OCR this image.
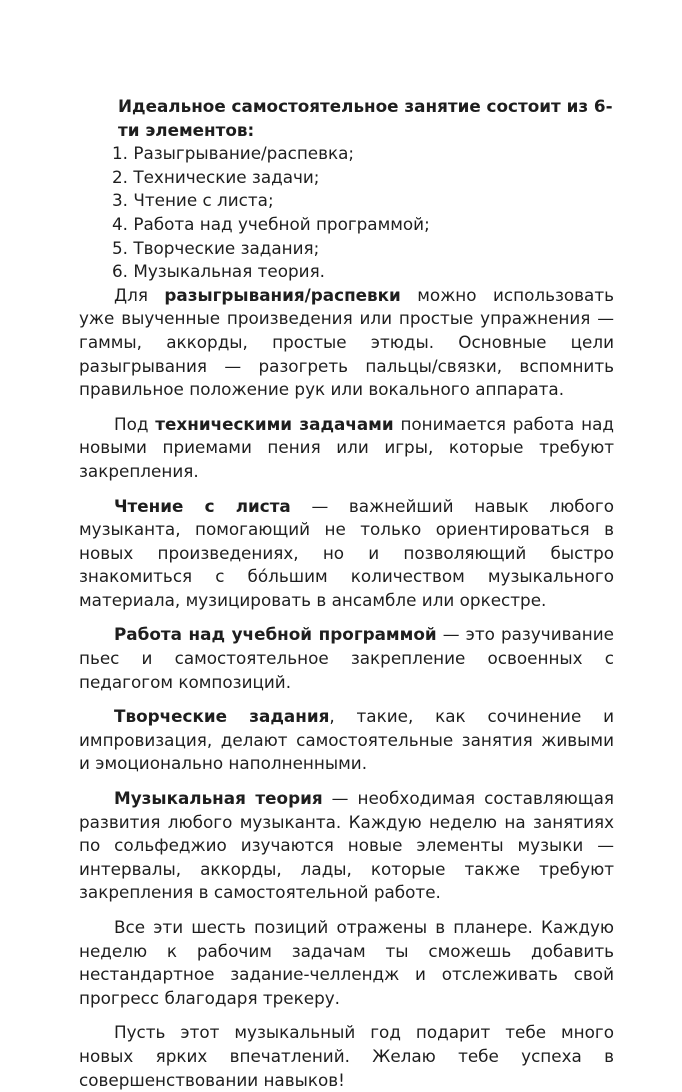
Идеальное самостоятельное занятие состоит из 6-ти элементов:

1. Разыгрывание/распевка;
2. Технические задачи;
3. Чтение с листа;
4. Работа над учебной программой;
5. Творческие задания;
6. Музыкальная теория.

Для разыгрывания/распевки можно использовать уже выученные произведения или простые упражнения — гаммы, аккорды, простые этюды. Основные цели разыгрывания — разогреть пальцы/связки, вспомнить правильное положение рук или вокального аппарата.

Под техническими задачами понимается работа над новыми приемами пения или игры, которые требуют закрепления.

Чтение с листа — важнейший навык любого музыканта, помогающий не только ориентироваться в новых произведениях, но и позволяющий быстро знакомиться с бо́льшим количеством музыкального материала, музицировать в ансамбле или оркестре.

Работа над учебной программой — это разучивание пьес и самостоятельное закрепление освоенных с педагогом композиций.

Творческие задания, такие, как сочинение и импровизация, делают самостоятельные занятия живыми и эмоционально наполненными.

Музыкальная теория — необходимая составляющая развития любого музыканта. Каждую неделю на занятиях по сольфеджио изучаются новые элементы музыки — интервалы, аккорды, лады, которые также требуют закрепления в самостоятельной работе.

Все эти шесть позиций отражены в планере. Каждую неделю к рабочим задачам ты сможешь добавить нестандартное задание-челлендж и отслеживать свой прогресс благодаря трекеру.

Пусть этот музыкальный год подарит тебе много новых ярких впечатлений. Желаю тебе успеха в совершенствовании навыков!
